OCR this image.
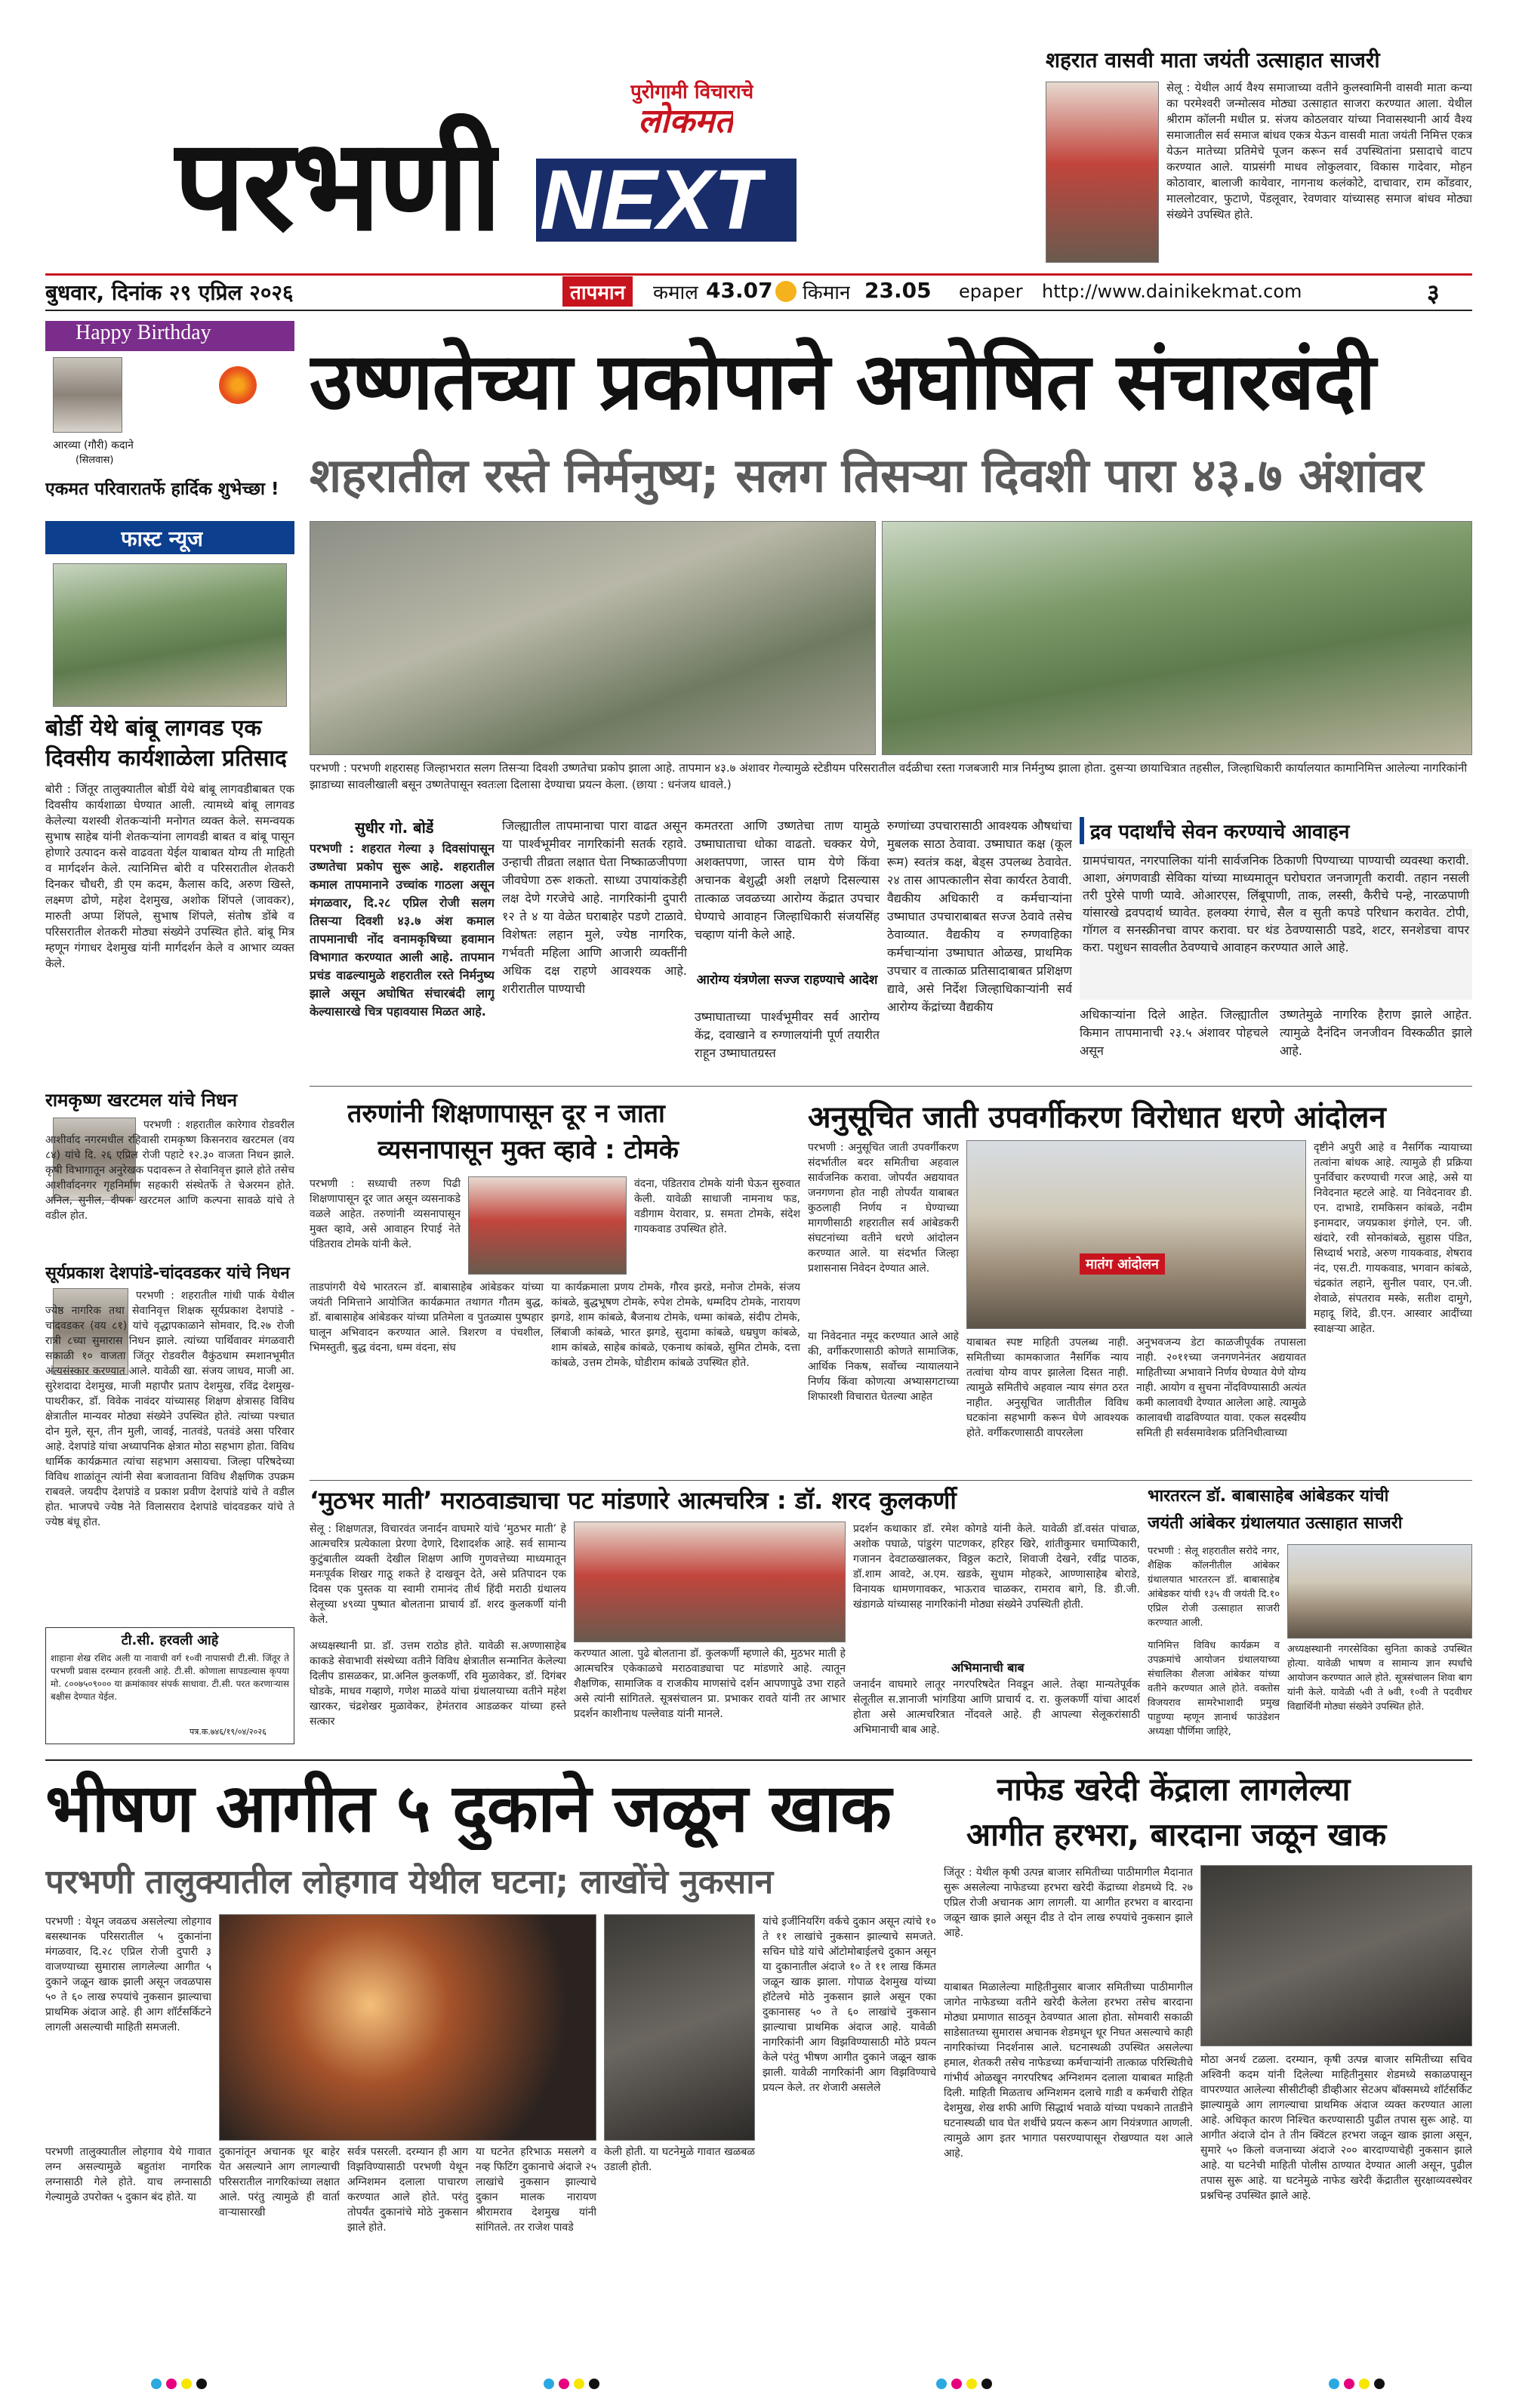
पुरोगामी विचाराचे
लोकमत
परभणी NEXT
बुधवार, दिनांक २९ एप्रिल २०२६	तापमान	कमाल 43.07 किमान 23.05 epaper http://www.dainikekmat.com	३
शहरात वासवी माता जयंती उत्साहात साजरी
सेलू : येथील आर्य वैश्य समाजाच्या वतीने कुलस्वामिनी वासवी माता कन्या का परमेश्वरी जन्मोत्सव मोठ्या उत्साहात साजरा करण्यात आला. येथील श्रीराम कॉलनी मधील प्र. संजय कोठलवार यांच्या निवासस्थानी आर्य वैश्य समाजातील सर्व समाज बांधव एकत्र येऊन वासवी माता जयंती निमित्त एकत्र येऊन मातेच्या प्रतिमेचे पूजन करून सर्व उपस्थितांना प्रसादाचे वाटप करण्यात आले. याप्रसंगी माधव लोकुलवार, विकास गादेवार, मोहन कोठावार, बालाजी कायेवार, नागनाथ कलंकोटे, दाचावार, राम कोंडवार, माललोटवार, फुटाणे, पेंडलूवार, रेवणवार यांच्यासह समाज बांधव मोठ्या संख्येने उपस्थित होते.
Happy Birthday
आरव्या (गौरी) कदाने
(सिलवास)
एकमत परिवारातर्फे हार्दिक शुभेच्छा !
फास्ट न्यूज
बोर्डी येथे बांबू लागवड एक दिवसीय कार्यशाळेला प्रतिसाद
बोरी : जिंतूर तालुक्यातील बोर्डी येथे बांबू लागवडीबाबत एक दिवसीय कार्यशाळा घेण्यात आली. त्यामध्ये बांबू लागवड केलेल्या यशस्वी शेतकऱ्यांनी मनोगत व्यक्त केले. समन्वयक सुभाष साहेब यांनी शेतकऱ्यांना लागवडी बाबत व बांबू पासून होणारे उत्पादन कसे वाढवता येईल याबाबत योग्य ती माहिती व मार्गदर्शन केले. त्यानिमित्त बोरी व परिसरातील शेतकरी दिनकर चौधरी, डी एम कदम, कैलास कदि, अरुण खिस्ते, लक्ष्मण ढोणे, महेश देशमुख, अशोक शिंपले (जावकर), मारुती अप्पा शिंपले, सुभाष शिंपले, संतोष डोंबे व परिसरातील शेतकरी मोठ्या संख्येने उपस्थित होते. बांबू मित्र म्हणून गंगाधर देशमुख यांनी मार्गदर्शन केले व आभार व्यक्त केले.
उष्णतेच्या प्रकोपाने अघोषित संचारबंदी
शहरातील रस्ते निर्मनुष्य; सलग तिसऱ्या दिवशी पारा ४३.७ अंशांवर
परभणी : परभणी शहरासह जिल्हाभरात सलग तिसऱ्या दिवशी उष्णतेचा प्रकोप झाला आहे. तापमान ४३.७ अंशावर गेल्यामुळे स्टेडीयम परिसरातील वर्दळीचा रस्ता गजबजारी मात्र निर्मनुष्य झाला होता. दुसऱ्या छायाचित्रात तहसील, जिल्हाधिकारी कार्यालयात कामानिमित्त आलेल्या नागरिकांनी झाडाच्या सावलीखाली बसून उष्णतेपासून स्वतःला दिलासा देण्याचा प्रयत्न केला. (छाया : धनंजय धावले.)
सुधीर गो. बोर्डे
परभणी : शहरात गेल्या ३ दिवसांपासून उष्णतेचा प्रकोप सुरू आहे. शहरातील कमाल तापमानाने उच्चांक गाठला असून मंगळवार, दि.२८ एप्रिल रोजी सलग तिसऱ्या दिवशी ४३.७ अंश कमाल तापमानाची नोंद वनामकृषिच्या हवामान विभागात करण्यात आली आहे. तापमान प्रचंड वाढल्यामुळे शहरातील रस्ते निर्मनुष्य झाले असून अघोषित संचारबंदी लागू केल्यासारखे चित्र पहावयास मिळत आहे.
जिल्ह्यातील तापमानाचा पारा वाढत असून या पार्श्वभूमीवर नागरिकांनी सतर्क रहावे. उन्हाची तीव्रता लक्षात घेता निष्काळजीपणा जीवघेणा ठरू शकतो. साध्या उपायांकडेही लक्ष देणे गरजेचे आहे. नागरिकांनी दुपारी १२ ते ४ या वेळेत घराबाहेर पडणे टाळावे. विशेषतः लहान मुले, ज्येष्ठ नागरिक, गर्भवती महिला आणि आजारी व्यक्तींनी अधिक दक्ष राहणे आवश्यक आहे. शरीरातील पाण्याची
कमतरता आणि उष्णतेचा ताण यामुळे उष्माघाताचा धोका वाढतो. चक्कर येणे, अशक्तपणा, जास्त घाम येणे किंवा अचानक बेशुद्धी अशी लक्षणे दिसल्यास तात्काळ जवळच्या आरोग्य केंद्रात उपचार घेण्याचे आवाहन जिल्हाधिकारी संजयसिंह चव्हाण यांनी केले आहे.
आरोग्य यंत्रणेला सज्ज राहण्याचे आदेश
उष्माघाताच्या पार्श्वभूमीवर सर्व आरोग्य केंद्र, दवाखाने व रुग्णालयांनी पूर्ण तयारीत राहून उष्माघातग्रस्त
रुग्णांच्या उपचारासाठी आवश्यक औषधांचा मुबलक साठा ठेवावा. उष्माघात कक्ष (कूल रूम) स्वतंत्र कक्ष, बेड्स उपलब्ध ठेवावेत. २४ तास आपत्कालीन सेवा कार्यरत ठेवावी. वैद्यकीय अधिकारी व कर्मचाऱ्यांना उष्माघात उपचाराबाबत सज्ज ठेवावे तसेच ठेवाव्यात. वैद्यकीय व रुग्णवाहिका कर्मचाऱ्यांना उष्माघात ओळख, प्राथमिक उपचार व तात्काळ प्रतिसादाबाबत प्रशिक्षण द्यावे, असे निर्देश जिल्हाधिकाऱ्यांनी सर्व आरोग्य केंद्रांच्या वैद्यकीय
द्रव पदार्थांचे सेवन करण्याचे आवाहन
ग्रामपंचायत, नगरपालिका यांनी सार्वजनिक ठिकाणी पिण्याच्या पाण्याची व्यवस्था करावी. आशा, अंगणवाडी सेविका यांच्या माध्यमातून घरोघरात जनजागृती करावी. तहान नसली तरी पुरेसे पाणी प्यावे. ओआरएस, लिंबूपाणी, ताक, लस्सी, कैरीचे पन्हे, नारळपाणी यांसारखे द्रवपदार्थ घ्यावेत. हलक्या रंगाचे, सैल व सुती कपडे परिधान करावेत. टोपी, गॉगल व सनस्क्रीनचा वापर करावा. घर थंड ठेवण्यासाठी पडदे, शटर, सनशेडचा वापर करा. पशुधन सावलीत ठेवण्याचे आवाहन करण्यात आले आहे.
अधिकाऱ्यांना दिले आहेत. जिल्ह्यातील किमान तापमानाची २३.५ अंशावर पोहचले असून
उष्णतेमुळे नागरिक हैराण झाले आहेत. त्यामुळे दैनंदिन जनजीवन विस्कळीत झाले आहे.
रामकृष्ण खरटमल यांचे निधन
परभणी : शहरातील कारेगाव रोडवरील आशीर्वाद नगरमधील रहिवासी रामकृष्ण किसनराव खरटमल (वय ८४) यांचे दि. २६ एप्रिल रोजी पहाटे १२.३० वाजता निधन झाले. कृषी विभागातून अनुरेखक पदावरून ते सेवानिवृत्त झाले होते तसेच आशीर्वादनगर गृहनिर्माण सहकारी संस्थेतर्फे ते चेअरमन होते. अनिल, सुनील, दीपक खरटमल आणि कल्पना सावळे यांचे ते वडील होत.
सूर्यप्रकाश देशपांडे-चांदवडकर यांचे निधन
परभणी : शहरातील गांधी पार्क येथील ज्येष्ठ नागरिक तथा सेवानिवृत्त शिक्षक सूर्यप्रकाश देशपांडे - चांदवडकर (वय ८१) यांचे वृद्धापकाळाने सोमवार, दि.२७ रोजी रात्री ८च्या सुमारास निधन झाले. त्यांच्या पार्थिवावर मंगळवारी सकाळी १० वाजता जिंतूर रोडवरील वैकुंठधाम स्मशानभूमीत अंत्यसंस्कार करण्यात आले. यावेळी खा. संजय जाधव, माजी आ. सुरेशदादा देशमुख, माजी महापौर प्रताप देशमुख, रविंद्र देशमुख-पाथरीकर, डॉ. विवेक नावंदर यांच्यासह शिक्षण क्षेत्रासह विविध क्षेत्रातील मान्यवर मोठ्या संख्येने उपस्थित होते. त्यांच्या पश्चात दोन मुले, सून, तीन मुली, जावई, नातवंडे, पतवंडे असा परिवार आहे. देशपांडे यांचा अध्यापनिक क्षेत्रात मोठा सहभाग होता. विविध धार्मिक कार्यक्रमात त्यांचा सहभाग असायचा. जिल्हा परिषदेच्या विविध शाळांतून त्यांनी सेवा बजावताना विविध शैक्षणिक उपक्रम राबवले. जयदीप देशपांडे व प्रकाश प्रवीण देशपांडे यांचे ते वडील होत. भाजपचे ज्येष्ठ नेते विलासराव देशपांडे चांदवडकर यांचे ते ज्येष्ठ बंधू होत.
टी.सी. हरवली आहे
शाहाना शेख रशिद अली या नावाची वर्ग १०वी नापासची टी.सी. जिंतूर ते परभणी प्रवास दरम्यान हरवली आहे. टी.सी. कोणाला सापडल्यास कृपया मो. ८००७५०९००० या क्रमांकावर संपर्क साधावा. टी.सी. परत करणाऱ्यास बक्षीस देण्यात येईल.
पत्र.क.७४६/१९/०४/२०२६
तरुणांनी शिक्षणापासून दूर न जाता
व्यसनापासून मुक्त व्हावे : टोमके
परभणी : सध्याची तरुण पिढी शिक्षणापासून दूर जात असून व्यसनाकडे वळले आहेत. तरुणांनी व्यसनापासून मुक्त व्हावे, असे आवाहन रिपाई नेते पंडितराव टोमके यांनी केले.
वंदना, पंडितराव टोमके यांनी घेऊन सुरुवात केली. यावेळी साधाजी नामनाथ फड, वडीगाम येरावार, प्र. समता टोमके, संदेश गायकवाड उपस्थित होते.
ताडपांगरी येथे भारतरत्न डॉ. बाबासाहेब आंबेडकर यांच्या जयंती निमित्ताने आयोजित कार्यक्रमात तथागत गौतम बुद्ध, डॉ. बाबासाहेब आंबेडकर यांच्या प्रतिमेला व पुतळ्यास पुष्पहार घालून अभिवादन करण्यात आले. त्रिशरण व पंचशील, भिमस्तुती, बुद्ध वंदना, धम्म वंदना, संघ
या कार्यक्रमाला प्रणय टोमके, गौरव झरडे, मनोज टोमके, संजय कांबळे, बुद्धभूषण टोमके, रुपेश टोमके, धम्मदिप टोमके, नारायण झगडे, शाम कांबळे, बैजनाथ टोमके, धम्मा कांबळे, संदीप टोमके, लिंबाजी कांबळे, भारत झगडे, सुदामा कांबळे, धम्रघुण कांबळे, शाम कांबळे, साहेब कांबळे, एकनाथ कांबळे, सुमित टोमके, दत्ता कांबळे, उत्तम टोमके, घोडीराम कांबळे उपस्थित होते.
अनुसूचित जाती उपवर्गीकरण विरोधात धरणे आंदोलन
परभणी : अनुसूचित जाती उपवर्गीकरण संदर्भातील बदर समितीचा अहवाल सार्वजनिक करावा. जोपर्यंत अद्ययावत जनगणना होत नाही तोपर्यंत याबाबत कुठलाही निर्णय न घेण्याच्या मागणीसाठी शहरातील सर्व आंबेडकरी संघटनांच्या वतीने धरणे आंदोलन करण्यात आले. या संदर्भात जिल्हा प्रशासनास निवेदन देण्यात आले.
या निवेदनात नमूद करण्यात आले आहे की, वर्गीकरणासाठी कोणते सामाजिक, आर्थिक निकष, सर्वोच्च न्यायालयाने निर्णय किंवा कोणत्या अभ्यासगटाच्या शिफारशी विचारात घेतल्या आहेत
मातंग आंदोलन
याबाबत स्पष्ट माहिती उपलब्ध नाही. समितीच्या कामकाजात नैसर्गिक न्याय तत्वांचा योग्य वापर झालेला दिसत नाही. त्यामुळे समितीचे अहवाल न्याय संगत ठरत नाहीत. अनुसूचित जातीतील विविध घटकांना सहभागी करून घेणे आवश्यक होते. वर्गीकरणासाठी वापरलेला
अनुभवजन्य डेटा काळजीपूर्वक तपासला नाही. २०११च्या जनगणनेनंतर अद्ययावत माहितीच्या अभावाने निर्णय घेण्यात येणे योग्य नाही. आयोग व सुचना नोंदविण्यासाठी अत्यंत कमी कालावधी देण्यात आलेला आहे. त्यामुळे कालावधी वाढविण्यात यावा. एकल सदस्यीय समिती ही सर्वसमावेशक प्रतिनिधीत्वाच्या
दृष्टीने अपुरी आहे व नैसर्गिक न्यायाच्या तत्वांना बांधक आहे. त्यामुळे ही प्रक्रिया पुनर्विचार करण्याची गरज आहे, असे या निवेदनात म्हटले आहे. या निवेदनावर डी. एन. दाभाडे, रामकिसन कांबळे, नदीम इनामदार, जयप्रकाश इंगोले, एन. जी. खंदारे, रवी सोनकांबळे, सुहास पंडित, सिध्दार्थ भराडे, अरुण गायकवाड, शेषराव नंद, एस.टी. गायकवाड, भगवान कांबळे, चंद्रकांत लहाने, सुनील पवार, एन.जी. शेवाळे, संपतराव मस्के, सतीश दामुगे, महादू शिंदे, डी.एन. आस्वार आदींच्या स्वाक्षऱ्या आहेत.
‘मुठभर माती’ मराठवाड्याचा पट मांडणारे आत्मचरित्र : डॉ. शरद कुलकर्णी
सेलू : शिक्षणतज्ञ, विचारवंत जनार्दन वाघमारे यांचे ‘मुठभर माती’ हे आत्मचरित्र प्रत्येकाला प्रेरणा देणारे, दिशादर्शक आहे. सर्व सामान्य कुटुंबातील व्यक्ती देखील शिक्षण आणि गुणवत्तेच्या माध्यमातून मनःपूर्वक शिखर गाठू शकते हे दाखवून देते, असे प्रतिपादन एक दिवस एक पुस्तक या स्वामी रामानंद तीर्थ हिंदी मराठी ग्रंथालय सेलूच्या ४९व्या पुष्पात बोलताना प्राचार्य डॉ. शरद कुलकर्णी यांनी केले.
अध्यक्षस्थानी प्रा. डॉ. उत्तम राठोड होते. यावेळी स.अण्णासाहेब काकडे सेवाभावी संस्थेच्या वतीने विविध क्षेत्रातील सन्मानित केलेल्या दिलीप डासळकर, प्रा.अनिल कुलकर्णी, रवि मुळावेकर, डॉ. दिगंबर घोडके, माधव गव्हाणे, गणेश माळवे यांचा ग्रंथालयाच्या वतीने महेश खारकर, चंद्रशेखर मुळावेकर, हेमंतराव आडळकर यांच्या हस्ते सत्कार
करण्यात आला. पुढे बोलताना डॉ. कुलकर्णी म्हणाले की, मुठभर माती हे आत्मचरित्र एकेकाळचे मराठवाड्याचा पट मांडणारे आहे. त्यातून शैक्षणिक, सामाजिक व राजकीय माणसांचे दर्शन आपणापुढे उभा राहते असे त्यांनी सांगितले. सूत्रसंचालन प्रा. प्रभाकर रावते यांनी तर आभार प्रदर्शन काशीनाथ पल्लेवाड यांनी मानले.
प्रदर्शन कथाकार डॉ. रमेश कोगडे यांनी केले. यावेळी डॉ.वसंत पांचाळ, अशोक पघाळे, पांडुरंग पाटणकर, हरिहर खिरे, शांतीकुमार चमाप्पिकारी, गजानन देवटाळखालकर, विठ्ठल कटारे, शिवाजी देखने, रवींद्र पाठक, डॉ.शाम आवटे, अ.एम. खडके, सुधाम मोहकरे, आण्णासाहेब बोराडे, विनायक धामणगावकर, भाऊराव चाळकर, रामराव बागे, डि. डी.जी. खंडागळे यांच्यासह नागरिकांनी मोठ्या संख्येने उपस्थिती होती.
अभिमानाची बाब
जनार्दन वाघमारे लातूर नगरपरिषदेत निवडून आले. तेव्हा मान्यतेपूर्वक सेलूतील स.ज्ञानाजी भांगडिया आणि प्राचार्य द. रा. कुलकर्णी यांचा आदर्श होता असे आत्मचरित्रात नोंदवले आहे. ही आपल्या सेलूकरांसाठी अभिमानाची बाब आहे.
भारतरत्न डॉ. बाबासाहेब आंबेडकर यांची
जयंती आंबेकर ग्रंथालयात उत्साहात साजरी
परभणी : सेलू शहरातील सरोदे नगर, शैक्षिक कॉलनीतील आंबेकर ग्रंथालयात भारतरत्न डॉ. बाबासाहेब आंबेडकर यांची १३५ वी जयंती दि.१० एप्रिल रोजी उत्साहात साजरी करण्यात आली.
यानिमित्त विविध कार्यक्रम व उपक्रमांचे आयोजन ग्रंथालयाच्या संचालिका शैलजा आंबेकर यांच्या वतीने करण्यात आले होते. वक्तोस विजयराव सामरेभाशादी प्रमुख पाहुण्या म्हणून ज्ञानार्थ फाउंडेशन अध्यक्षा पौर्णिमा जाहिरे,
अध्यक्षस्थानी नगरसेविका सुनिता काकडे उपस्थित होत्या. यावेळी भाषण व सामान्य ज्ञान स्पर्धांचे आयोजन करण्यात आले होते. सूत्रसंचालन शिवा बाग यांनी केले. यावेळी ५वी ते ७वी, १०वी ते पदवीधर विद्यार्थिनी मोठ्या संख्येने उपस्थित होते.
भीषण आगीत ५ दुकाने जळून खाक
परभणी तालुक्यातील लोहगाव येथील घटना; लाखोंचे नुकसान
परभणी : येथून जवळच असलेल्या लोहगाव बसस्थानक परिसरातील ५ दुकानांना मंगळवार, दि.२८ एप्रिल रोजी दुपारी ३ वाजण्याच्या सुमारास लागलेल्या आगीत ५ दुकाने जळून खाक झाली असून जवळपास ५० ते ६० लाख रुपयांचे नुकसान झाल्याचा प्राथमिक अंदाज आहे. ही आग शॉर्टसर्किटने लागली असल्याची माहिती समजली.
परभणी तालुक्यातील लोहगाव येथे गावात लग्न असल्यामुळे बहुतांश नागरिक लग्नासाठी गेले होते. याच लग्नासाठी गेल्यामुळे उपरोक्त ५ दुकान बंद होते. या
दुकानांतून अचानक धूर बाहेर येत असल्याने आग लागल्याची परिसरातील नागरिकांच्या लक्षात आले. परंतु त्यामुळे ही वार्ता वाऱ्यासारखी
सर्वत्र पसरली. दरम्यान ही आग विझविण्यासाठी परभणी येथून अग्निशमन दलाला पाचारण करण्यात आले होते. परंतु तोपर्यंत दुकानांचे मोठे नुकसान झाले होते.
या घटनेत हरिभाऊ मसलगे व नव्ह फिटिंग दुकानाचे अंदाजे २५ लाखांचे नुकसान झाल्याचे दुकान मालक नारायण श्रीरामराव देशमुख यांनी सांगितले. तर राजेश पावडे
यांचे इजींनियरिंग वर्कचे दुकान असून त्यांचे १० ते ११ लाखांचे नुकसान झाल्याचे समजते. सचिन घोडे यांचे ऑटोमोबाईलचे दुकान असून या दुकानातील अंदाजे १० ते ११ लाख किंमत जळून खाक झाला. गोपाळ देशमुख यांच्या हॉटेलचे मोठे नुकसान झाले असून एका दुकानासह ५० ते ६० लाखांचे नुकसान झाल्याचा प्राथमिक अंदाज आहे. यावेळी नागरिकांनी आग विझविण्यासाठी मोठे प्रयत्न केले परंतु भीषण आगीत दुकाने जळून खाक झाली. यावेळी नागरिकांनी आग विझविण्याचे प्रयत्न केले. तर शेजारी असलेले
केली होती. या घटनेमुळे गावात खळबळ उडाली होती.
नाफेड खरेदी केंद्राला लागलेल्या
आगीत हरभरा, बारदाना जळून खाक
जिंतूर : येथील कृषी उत्पन्न बाजार समितीच्या पाठीमागील मैदानात सुरू असलेल्या नाफेडच्या हरभरा खरेदी केंद्राच्या शेडमध्ये दि. २७ एप्रिल रोजी अचानक आग लागली. या आगीत हरभरा व बारदाना जळून खाक झाले असून दीड ते दोन लाख रुपयांचे नुकसान झाले आहे.
याबाबत मिळालेल्या माहितीनुसार बाजार समितीच्या पाठीमागील जागेत नाफेडच्या वतीने खरेदी केलेला हरभरा तसेच बारदाना मोठ्या प्रमाणात साठवून ठेवण्यात आला होता. सोमवारी सकाळी साडेसातच्या सुमारास अचानक शेडमधून धूर निघत असल्याचे काही नागरिकांच्या निदर्शनास आले. घटनास्थळी उपस्थित असलेल्या हमाल, शेतकरी तसेच नाफेडच्या कर्मचाऱ्यांनी तात्काळ परिस्थितीचे गांभीर्य ओळखून नगरपरिषद अग्निशमन दलाला याबाबत माहिती दिली. माहिती मिळताच अग्निशमन दलाचे गाडी व कर्मचारी रोहित देशमुख, शेख शफी आणि सिद्धार्थ भवाळे यांच्या पथकाने तातडीने घटनास्थळी धाव घेत शर्थीचे प्रयत्न करून आग नियंत्रणात आणली. त्यामुळे आग इतर भागात पसरण्यापासून रोखण्यात यश आले आहे.
मोठा अनर्थ टळला. दरम्यान, कृषी उत्पन्न बाजार समितीच्या सचिव अश्विनी कदम यांनी दिलेल्या माहितीनुसार शेडमध्ये सकाळपासून वापरण्यात आलेल्या सीसीटीव्ही डीव्हीआर सेटअप बॉक्समध्ये शॉर्टसर्किट झाल्यामुळे आग लागल्याचा प्राथमिक अंदाज व्यक्त करण्यात आला आहे. अधिकृत कारण निश्चित करण्यासाठी पुढील तपास सुरू आहे. या आगीत अंदाजे दोन ते तीन क्विंटल हरभरा जळून खाक झाला असून, सुमारे ५० किलो वजनाच्या अंदाजे २०० बारदाण्याचेही नुकसान झाले आहे. या घटनेची माहिती पोलीस ठाण्यात देण्यात आली असून, पुढील तपास सुरू आहे. या घटनेमुळे नाफेड खरेदी केंद्रातील सुरक्षाव्यवस्थेवर प्रश्नचिन्ह उपस्थित झाले आहे.
